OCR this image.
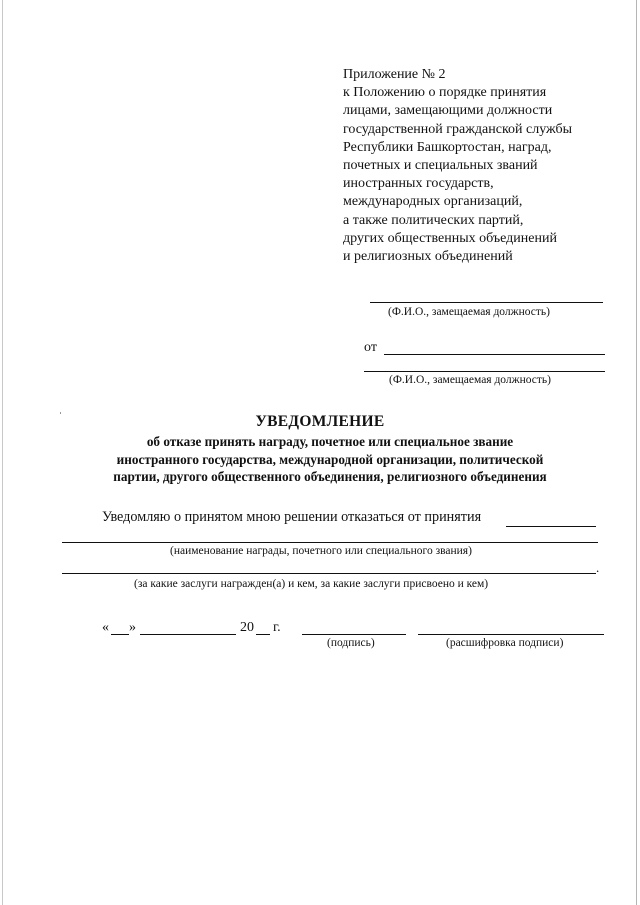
Приложение № 2
к Положению о порядке принятия
лицами, замещающими должности
государственной гражданской службы
Республики Башкортостан, наград,
почетных и специальных званий
иностранных государств,
международных организаций,
а также политических партий,
других общественных объединений
и религиозных объединений
(Ф.И.О., замещаемая должность)
от
(Ф.И.О., замещаемая должность)
УВЕДОМЛЕНИЕ
об отказе принять награду, почетное или специальное звание
иностранного государства, международной организации, политической
партии, другого общественного объединения, религиозного объединения
Уведомляю о принятом мною решении отказаться от принятия
(наименование награды, почетного или специального звания)
.
(за какие заслуги награжден(а) и кем, за какие заслуги присвоено и кем)
« »	20 г.
(подпись)	(расшифровка подписи)
